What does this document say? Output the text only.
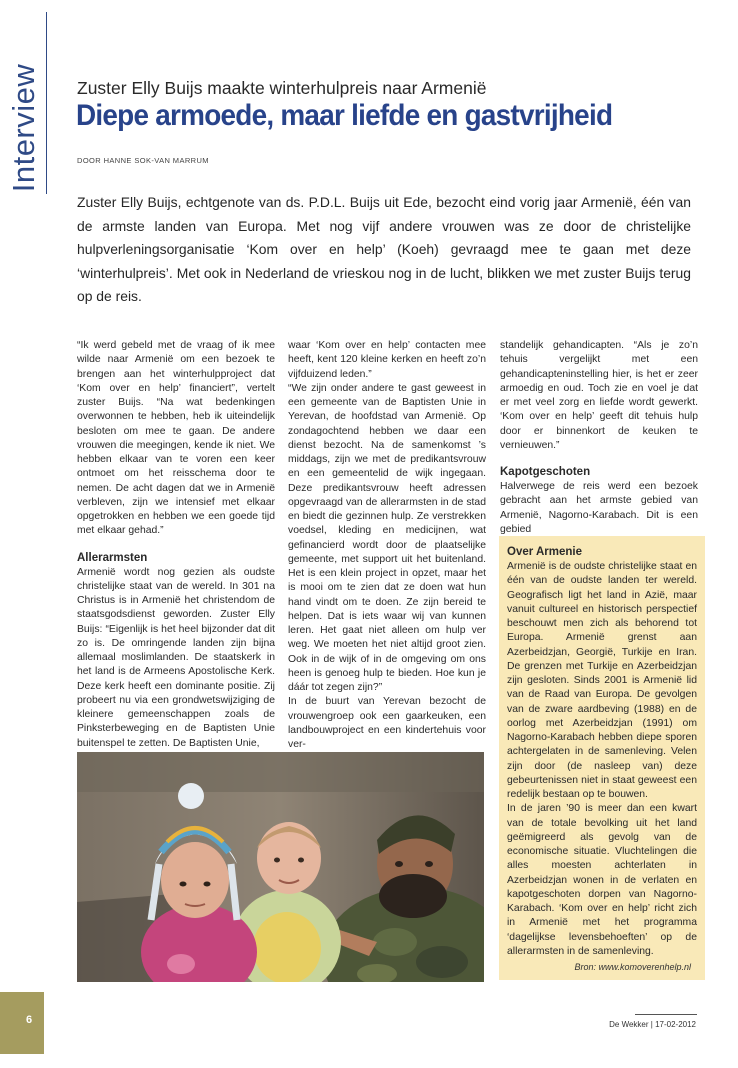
Interview Zuster Elly Buijs maakte winterhulpreis naar Armenië
Diepe armoede, maar liefde en gastvrijheid
DOOR HANNE SOK-VAN MARRUM
Zuster Elly Buijs, echtgenote van ds. P.D.L. Buijs uit Ede, bezocht eind vorig jaar Armenië, één van de armste landen van Europa. Met nog vijf andere vrouwen was ze door de christelijke hulpverleningsorganisatie ‘Kom over en help’ (Koeh) gevraagd mee te gaan met deze ‘winterhulpreis’. Met ook in Nederland de vrieskou nog in de lucht, blikken we met zuster Buijs terug op de reis.

“Ik werd gebeld met de vraag of ik mee wilde naar Armenië om een bezoek te brengen aan het winterhulpproject dat ‘Kom over en help’ financiert”, vertelt zuster Buijs. “Na wat bedenkingen overwonnen te hebben, heb ik uiteindelijk besloten om mee te gaan. De andere vrouwen die meegingen, kende ik niet. We hebben elkaar van te voren een keer ontmoet om het reisschema door te nemen. De acht dagen dat we in Armenië verbleven, zijn we intensief met elkaar opgetrokken en hebben we een goede tijd met elkaar gehad.”

Allerarmsten

Armenië wordt nog gezien als oudste christelijke staat van de wereld. In 301 na Christus is in Armenië het christendom de staatsgodsdienst geworden. Zuster Elly Buijs: “Eigenlijk is het heel bijzonder dat dit zo is. De omringende landen zijn bijna allemaal moslimlanden. De staatskerk in het land is de Armeens Apostolische Kerk. Deze kerk heeft een dominante positie. Zij probeert nu via een grondwetswijziging de kleinere gemeenschappen zoals de Pinksterbeweging en de Baptisten Unie buitenspel te zetten. De Baptisten Unie,

waar ‘Kom over en help’ contacten mee heeft, kent 120 kleine kerken en heeft zo’n vijfduizend leden.”

“We zijn onder andere te gast geweest in een gemeente van de Baptisten Unie in Yerevan, de hoofdstad van Armenië. Op zondagochtend hebben we daar een dienst bezocht. Na de samenkomst ’s middags, zijn we met de predikantsvrouw en een gemeentelid de wijk ingegaan. Deze predikantsvrouw heeft adressen opgevraagd van de allerarmsten in de stad en biedt die gezinnen hulp. Ze verstrekken voedsel, kleding en medicijnen, wat gefinancierd wordt door de plaatselijke gemeente, met support uit het buitenland. Het is een klein project in opzet, maar het is mooi om te zien dat ze doen wat hun hand vindt om te doen. Ze zijn bereid te helpen. Dat is iets waar wij van kunnen leren. Het gaat niet alleen om hulp ver weg. We moeten het niet altijd groot zien. Ook in de wijk of in de omgeving om ons heen is genoeg hulp te bieden. Hoe kun je dáár tot zegen zijn?”

In de buurt van Yerevan bezocht de vrouwengroep ook een gaarkeuken, een landbouwproject en een kindertehuis voor ver-

standelijk gehandicapten. “Als je zo’n tehuis vergelijkt met een gehandicapteninstelling hier, is het er zeer armoedig en oud. Toch zie en voel je dat er met veel zorg en liefde wordt gewerkt. ‘Kom over en help’ geeft dit tehuis hulp door er binnenkort de keuken te vernieuwen.”

Kapotgeschoten

Halverwege de reis werd een bezoek gebracht aan het armste gebied van Armenië, Nagorno-Karabach. Dit is een gebied

Over Armenie

Armenië is de oudste christelijke staat en één van de oudste landen ter wereld. Geografisch ligt het land in Azië, maar vanuit cultureel en historisch perspectief beschouwt men zich als behorend tot Europa. Armenië grenst aan Azerbeidzjan, Georgië, Turkije en Iran. De grenzen met Turkije en Azerbeidzjan zijn gesloten. Sinds 2001 is Armenië lid van de Raad van Europa. De gevolgen van de zware aardbeving (1988) en de oorlog met Azerbeidzjan (1991) om Nagorno-Karabach hebben diepe sporen achtergelaten in de samenleving. Velen zijn door (de nasleep van) deze gebeurtenissen niet in staat geweest een redelijk bestaan op te bouwen.

In de jaren ’90 is meer dan een kwart van de totale bevolking uit het land geëmigreerd als gevolg van de economische situatie. Vluchtelingen die alles moesten achterlaten in Azerbeidzjan wonen in de verlaten en kapotgeschoten dorpen van Nagorno-Karabach. ‘Kom over en help’ richt zich in Armenië met het programma ‘dagelijkse levensbehoeften’ op de allerarmsten in de samenleving.

Bron: www.komoverenhelp.nl
6	De Wekker | 17-02-2012
